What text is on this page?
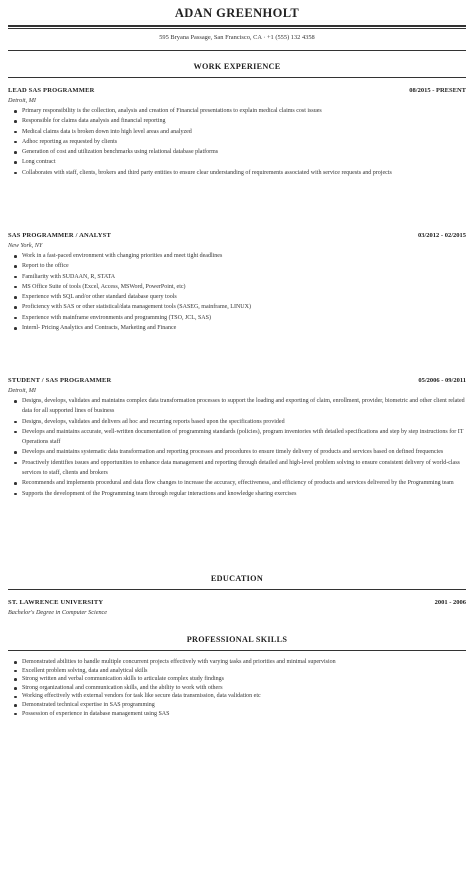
ADAN GREENHOLT
595 Bryana Passage, San Francisco, CA · +1 (555) 132 4358
WORK EXPERIENCE
LEAD SAS PROGRAMMER	08/2015 - PRESENT
Detroit, MI
Primary responsibility is the collection, analysis and creation of Financial presentations to explain medical claims cost issues
Responsible for claims data analysis and financial reporting
Medical claims data is broken down into high level areas and analyzed
Adhoc reporting as requested by clients
Generation of cost and utilization benchmarks using relational database platforms
Long contract
Collaborates with staff, clients, brokers and third party entities to ensure clear understanding of requirements associated with service requests and projects
SAS PROGRAMMER / ANALYST	03/2012 - 02/2015
New York, NY
Work in a fast-paced environment with changing priorities and meet tight deadlines
Report to the office
Familiarity with SUDAAN, R, STATA
MS Office Suite of tools (Excel, Access, MSWord, PowerPoint, etc)
Experience with SQL and/or other standard database query tools
Proficiency with SAS or other statistical/data management tools (SASEG, mainframe, LINUX)
Experience with mainframe environments and programming (TSO, JCL, SAS)
Internl- Pricing Analytics and Contracts, Marketing and Finance
STUDENT / SAS PROGRAMMER	05/2006 - 09/2011
Detroit, MI
Designs, develops, validates and maintains complex data transformation processes to support the loading and exporting of claim, enrollment, provider, biometric and other client related data for all supported lines of business
Designs, develops, validates and delivers ad hoc and recurring reports based upon the specifications provided
Develops and maintains accurate, well-written documentation of programming standards (policies), program inventories with detailed specifications and step by step instructions for IT Operations staff
Develops and maintains systematic data transformation and reporting processes and procedures to ensure timely delivery of products and services based on defined frequencies
Proactively identifies issues and opportunities to enhance data management and reporting through detailed and high-level problem solving to ensure consistent delivery of world-class services to staff, clients and brokers
Recommends and implements procedural and data flow changes to increase the accuracy, effectiveness, and efficiency of products and services delivered by the Programming team
Supports the development of the Programming team through regular interactions and knowledge sharing exercises
EDUCATION
ST. LAWRENCE UNIVERSITY	2001 - 2006
Bachelor's Degree in Computer Science
PROFESSIONAL SKILLS
Demonstrated abilities to handle multiple concurrent projects effectively with varying tasks and priorities and minimal supervision
Excellent problem solving, data and analytical skills
Strong written and verbal communication skills to articulate complex study findings
Strong organizational and communication skills, and the ability to work with others
Working effectively with external vendors for task like secure data transmission, data validation etc
Demonstrated technical expertise in SAS programming
Possession of experience in database management using SAS
